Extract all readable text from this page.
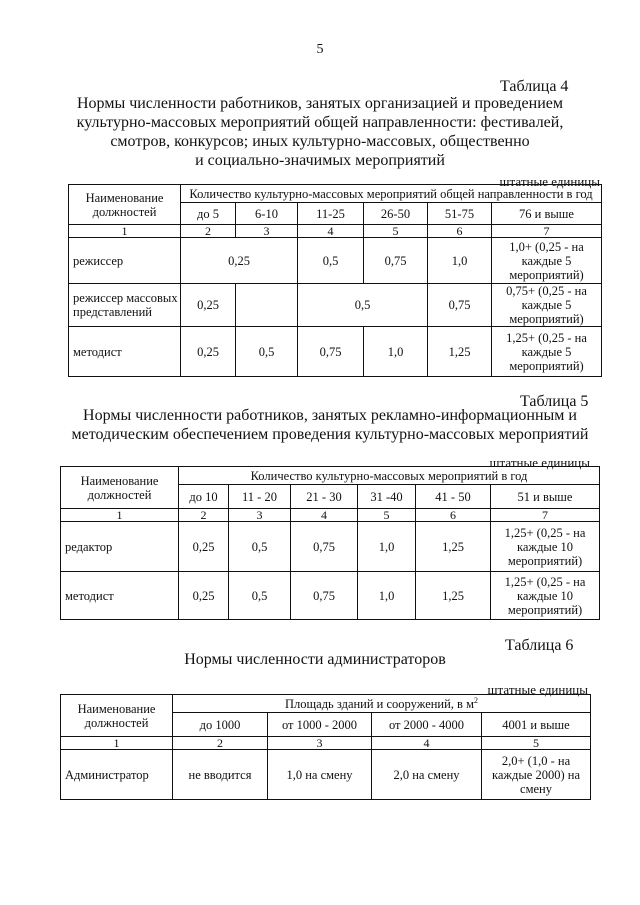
5
Таблица 4
Нормы численности работников, занятых организацией и проведением
культурно-массовых мероприятий общей направленности: фестивалей,
смотров, конкурсов; иных культурно-массовых, общественно
и социально-значимых мероприятий
штатные единицы
Наименование должностей	Количество культурно-массовых мероприятий общей направленности в год					
	до 5	6-10	11-25	26-50	51-75	76 и выше
1	2	3	4	5	6	7
режиссер	0,25		0,5	0,75	1,0	1,0+ (0,25 - на каждые 5 мероприятий)
режиссер массовых представлений	0,25		0,5		0,75	0,75+ (0,25 - на каждые 5 мероприятий)
методист	0,25	0,5	0,75	1,0	1,25	1,25+ (0,25 - на каждые 5 мероприятий)
Таблица 5
Нормы численности работников, занятых рекламно-информационным и
методическим обеспечением проведения культурно-массовых мероприятий
штатные единицы
Наименование должностей	Количество культурно-массовых мероприятий в год					
	до 10	11 - 20	21 - 30	31 -40	41 - 50	51 и выше
1	2	3	4	5	6	7
редактор	0,25	0,5	0,75	1,0	1,25	1,25+ (0,25 - на каждые 10 мероприятий)
методист	0,25	0,5	0,75	1,0	1,25	1,25+ (0,25 - на каждые 10 мероприятий)
Таблица 6
Нормы численности администраторов
штатные единицы
Наименование должностей	Площадь зданий и сооружений, в $м^2$
	до 1000	от 1000 - 2000	от 2000 - 4000	4001 и выше
1	2	3	4	5
Администратор	не вводится	1,0 на смену	2,0 на смену	2,0+ (1,0 - на каждые 2000) на смену
